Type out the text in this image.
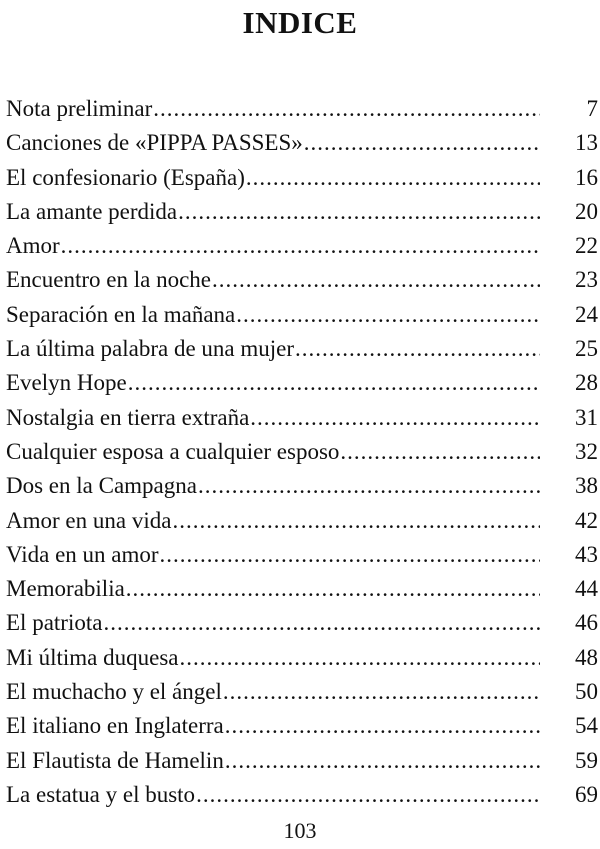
INDICE
Nota preliminar .....	7
Canciones de «PIPPA PASSES» .....	13
El confesionario (España) .....	16
La amante perdida .....	20
Amor .....	22
Encuentro en la noche .....	23
Separación en la mañana .....	24
La última palabra de una mujer .....	25
Evelyn Hope .....	28
Nostalgia en tierra extraña .....	31
Cualquier esposa a cualquier esposo .....	32
Dos en la Campagna .....	38
Amor en una vida .....	42
Vida en un amor .....	43
Memorabilia .....	44
El patriota .....	46
Mi última duquesa .....	48
El muchacho y el ángel .....	50
El italiano en Inglaterra .....	54
El Flautista de Hamelin .....	59
La estatua y el busto .....	69
103
